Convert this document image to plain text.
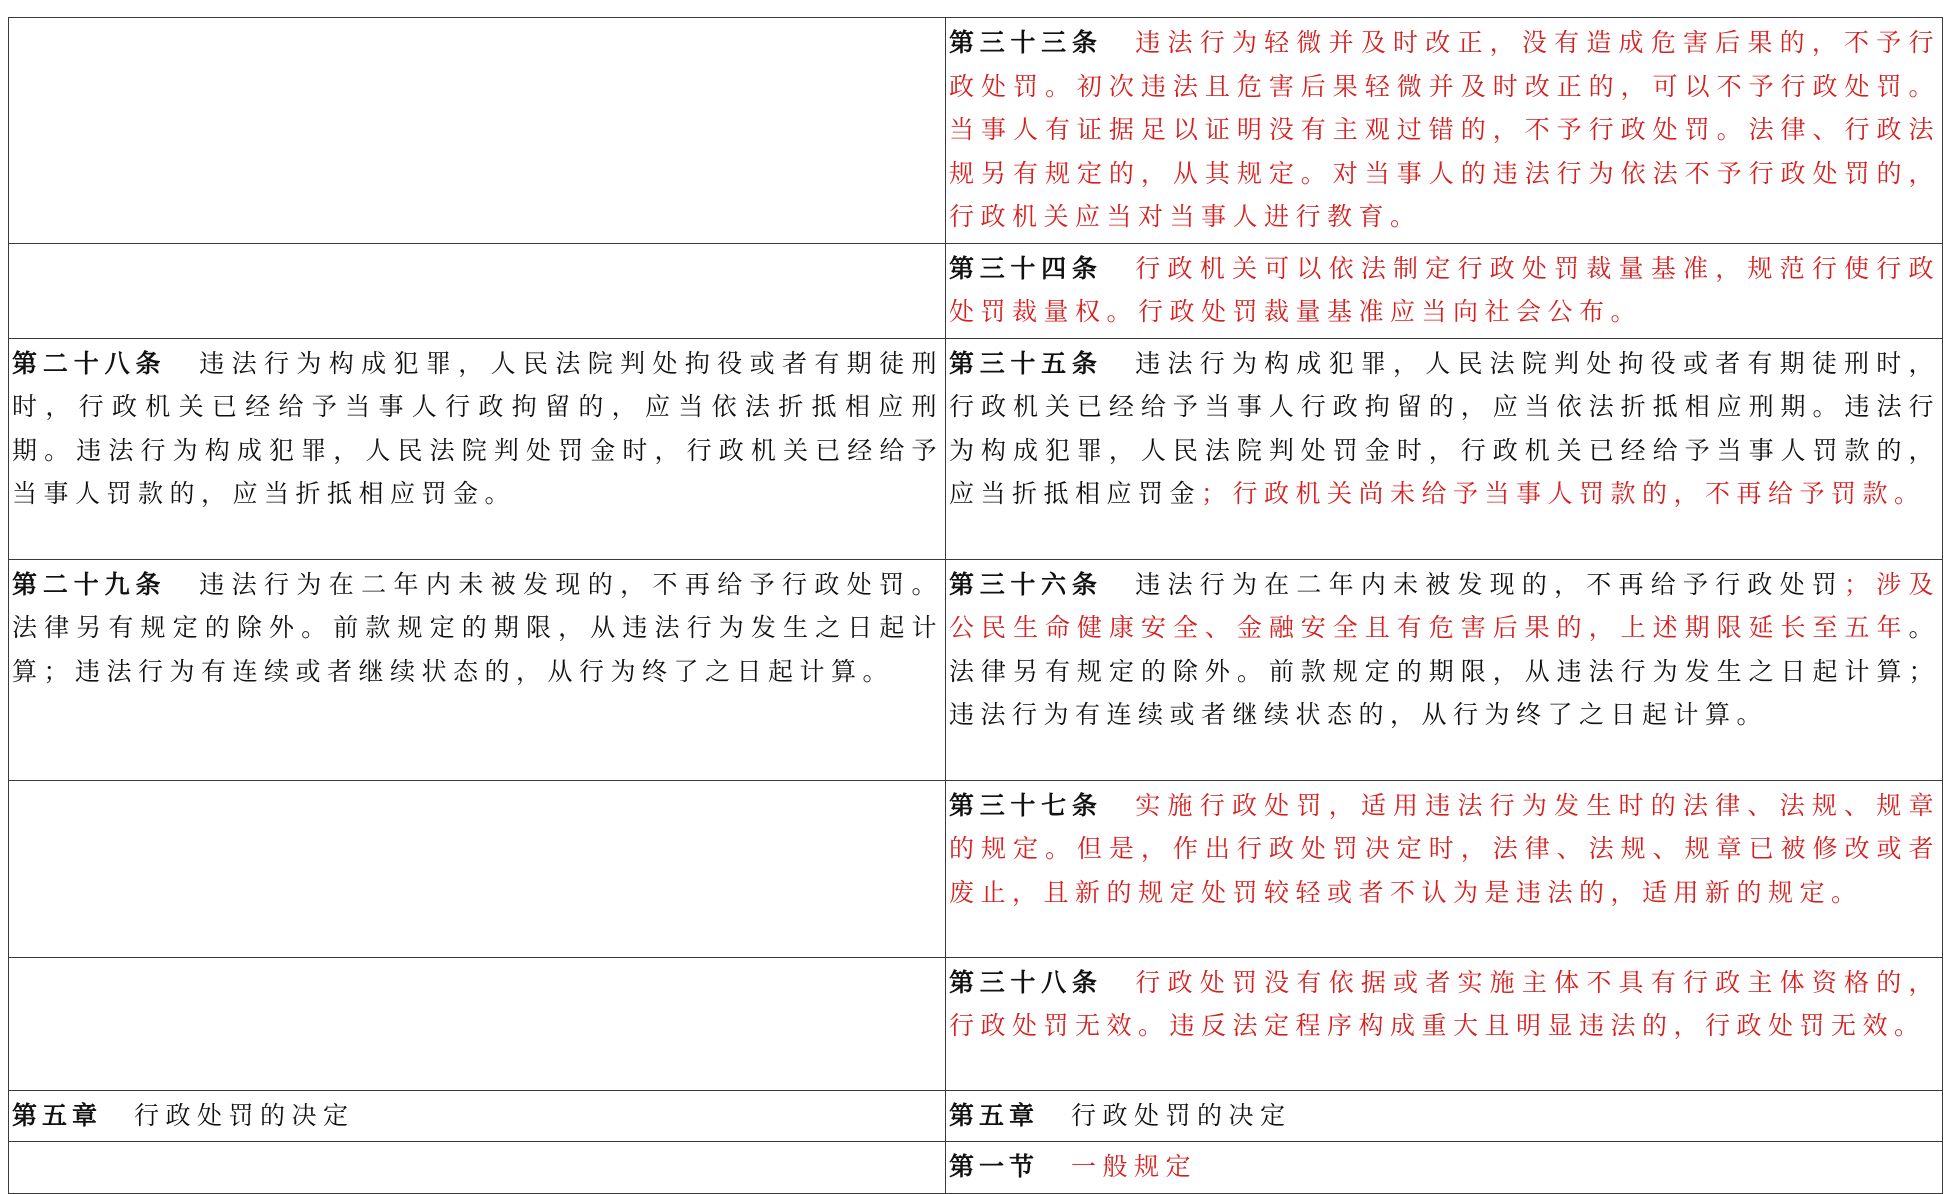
	第三十三条 违法行为轻微并及时改正，没有造成危害后果的，不予行政处罚。初次违法且危害后果轻微并及时改正的，可以不予行政处罚。当事人有证据足以证明没有主观过错的，不予行政处罚。法律、行政法规另有规定的，从其规定。对当事人的违法行为依法不予行政处罚的，行政机关应当对当事人进行教育。
	第三十四条 行政机关可以依法制定行政处罚裁量基准，规范行使行政处罚裁量权。行政处罚裁量基准应当向社会公布。
第二十八条 违法行为构成犯罪，人民法院判处拘役或者有期徒刑时，行政机关已经给予当事人行政拘留的，应当依法折抵相应刑期。违法行为构成犯罪，人民法院判处罚金时，行政机关已经给予当事人罚款的，应当折抵相应罚金。	第三十五条 违法行为构成犯罪，人民法院判处拘役或者有期徒刑时，行政机关已经给予当事人行政拘留的，应当依法折抵相应刑期。违法行为构成犯罪，人民法院判处罚金时，行政机关已经给予当事人罚款的，应当折抵相应罚金；行政机关尚未给予当事人罚款的，不再给予罚款。
第二十九条 违法行为在二年内未被发现的，不再给予行政处罚。法律另有规定的除外。前款规定的期限，从违法行为发生之日起计算；违法行为有连续或者继续状态的，从行为终了之日起计算。	第三十六条 违法行为在二年内未被发现的，不再给予行政处罚；涉及公民生命健康安全、金融安全且有危害后果的，上述期限延长至五年。法律另有规定的除外。前款规定的期限，从违法行为发生之日起计算；违法行为有连续或者继续状态的，从行为终了之日起计算。
	第三十七条 实施行政处罚，适用违法行为发生时的法律、法规、规章的规定。但是，作出行政处罚决定时，法律、法规、规章已被修改或者废止，且新的规定处罚较轻或者不认为是违法的，适用新的规定。
	第三十八条 行政处罚没有依据或者实施主体不具有行政主体资格的，行政处罚无效。违反法定程序构成重大且明显违法的，行政处罚无效。
第五章 行政处罚的决定	第五章 行政处罚的决定
	第一节 一般规定
